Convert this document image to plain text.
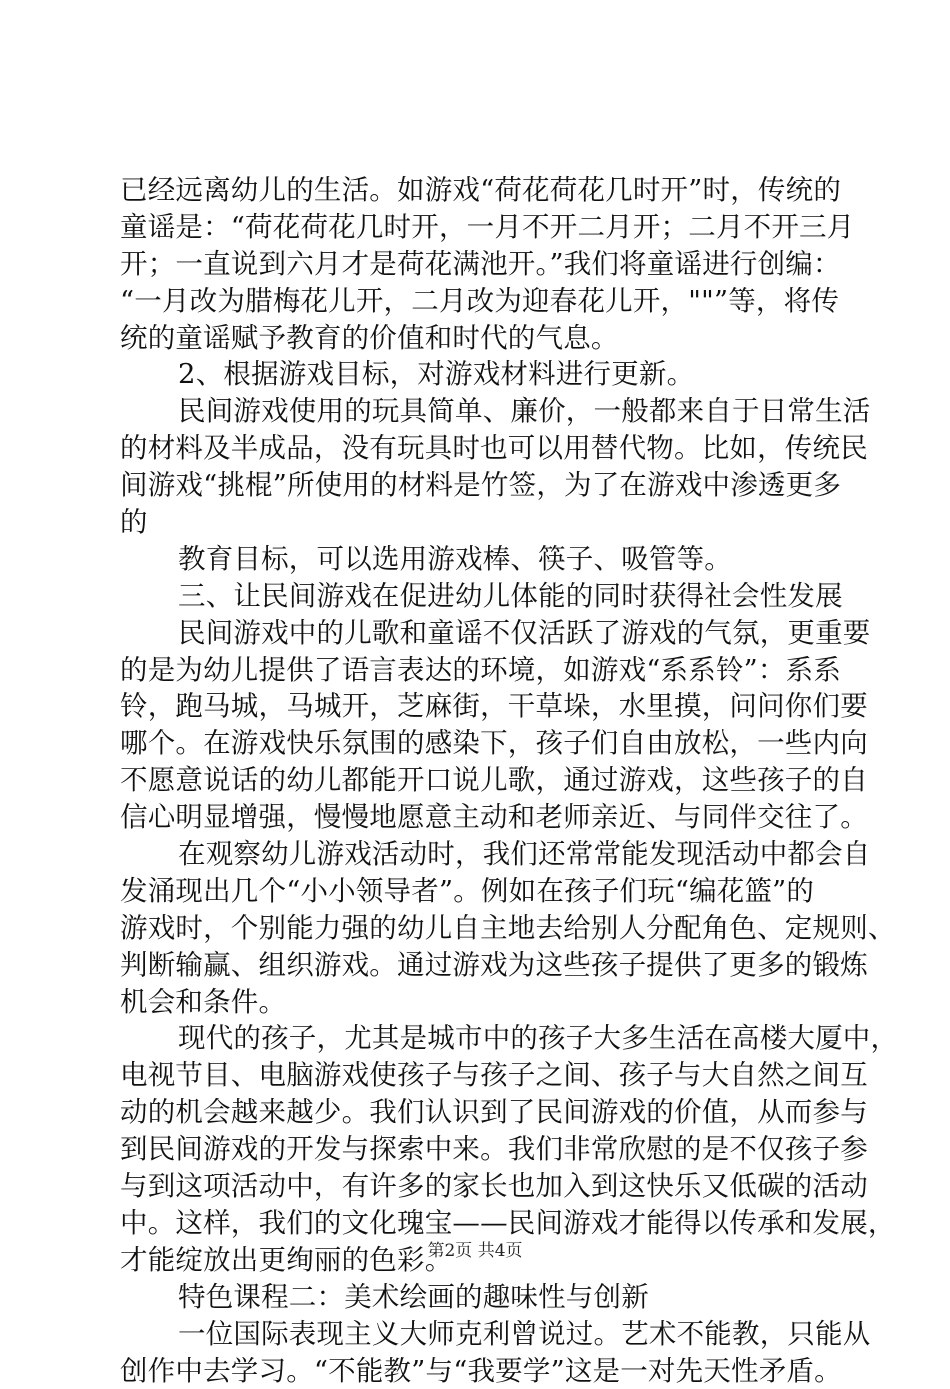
已经远离幼儿的生活。如游戏“荷花荷花几时开”时，传统的
童谣是：“荷花荷花几时开，一月不开二月开；二月不开三月
开；一直说到六月才是荷花满池开。”我们将童谣进行创编：
“一月改为腊梅花儿开，二月改为迎春花儿开，""”等，将传
统的童谣赋予教育的价值和时代的气息。
2、根据游戏目标，对游戏材料进行更新。
民间游戏使用的玩具简单、廉价，一般都来自于日常生活
的材料及半成品，没有玩具时也可以用替代物。比如，传统民
间游戏“挑棍”所使用的材料是竹签，为了在游戏中渗透更多
的
教育目标，可以选用游戏棒、筷子、吸管等。
三、让民间游戏在促进幼儿体能的同时获得社会性发展
民间游戏中的儿歌和童谣不仅活跃了游戏的气氛，更重要
的是为幼儿提供了语言表达的环境，如游戏“系系铃”：系系
铃，跑马城，马城开，芝麻街，干草垛，水里摸，问问你们要
哪个。在游戏快乐氛围的感染下，孩子们自由放松，一些内向
不愿意说话的幼儿都能开口说儿歌，通过游戏，这些孩子的自
信心明显增强，慢慢地愿意主动和老师亲近、与同伴交往了。
在观察幼儿游戏活动时，我们还常常能发现活动中都会自
发涌现出几个“小小领导者”。例如在孩子们玩“编花篮”的
游戏时，个别能力强的幼儿自主地去给别人分配角色、定规则、
判断输赢、组织游戏。通过游戏为这些孩子提供了更多的锻炼
机会和条件。
现代的孩子，尤其是城市中的孩子大多生活在高楼大厦中，
电视节目、电脑游戏使孩子与孩子之间、孩子与大自然之间互
动的机会越来越少。我们认识到了民间游戏的价值，从而参与
到民间游戏的开发与探索中来。我们非常欣慰的是不仅孩子参
与到这项活动中，有许多的家长也加入到这快乐又低碳的活动
中。这样，我们的文化瑰宝——民间游戏才能得以传承和发展，
才能绽放出更绚丽的色彩。
特色课程二：美术绘画的趣味性与创新
一位国际表现主义大师克利曾说过。艺术不能教，只能从
创作中去学习。“不能教”与“我要学”这是一对先天性矛盾。
第2页 共4页
